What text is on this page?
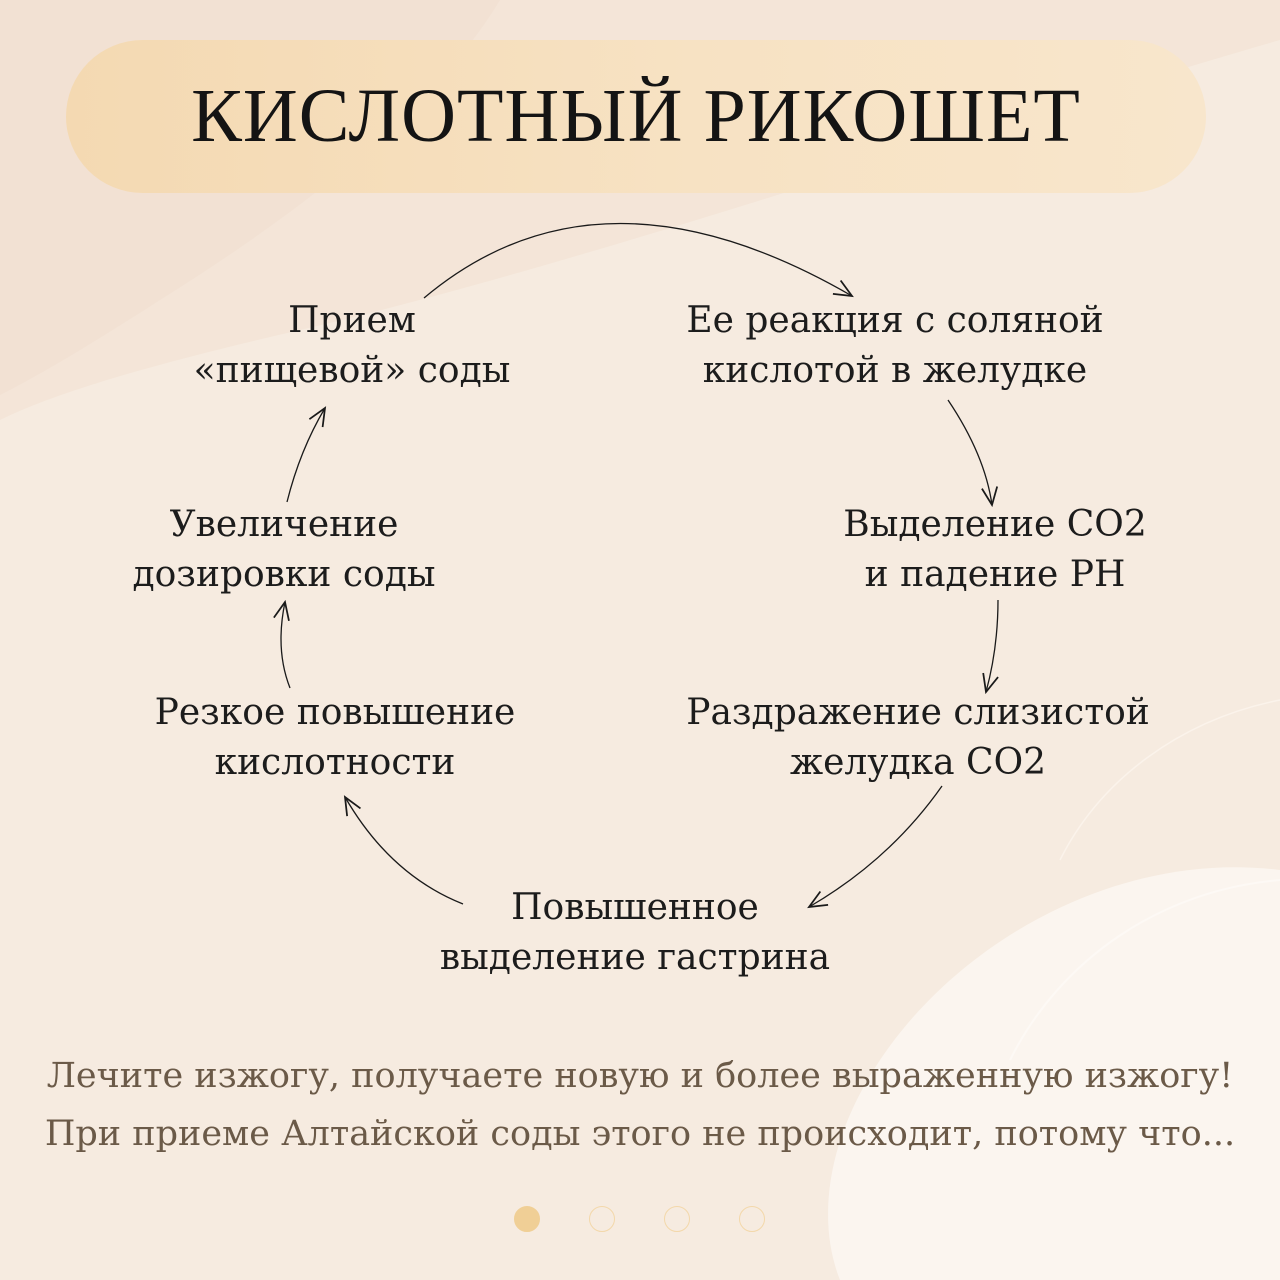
КИСЛОТНЫЙ РИКОШЕТ
Прием
«пищевой» соды
Ее реакция с соляной
кислотой в желудке
Выделение CO2
и падение PH
Раздражение слизистой
желудка CO2
Повышенное
выделение гастрина
Резкое повышение
кислотности
Увеличение
дозировки соды
Лечите изжогу, получаете новую и более выраженную изжогу!
При приеме Алтайской соды этого не происходит, потому что...
